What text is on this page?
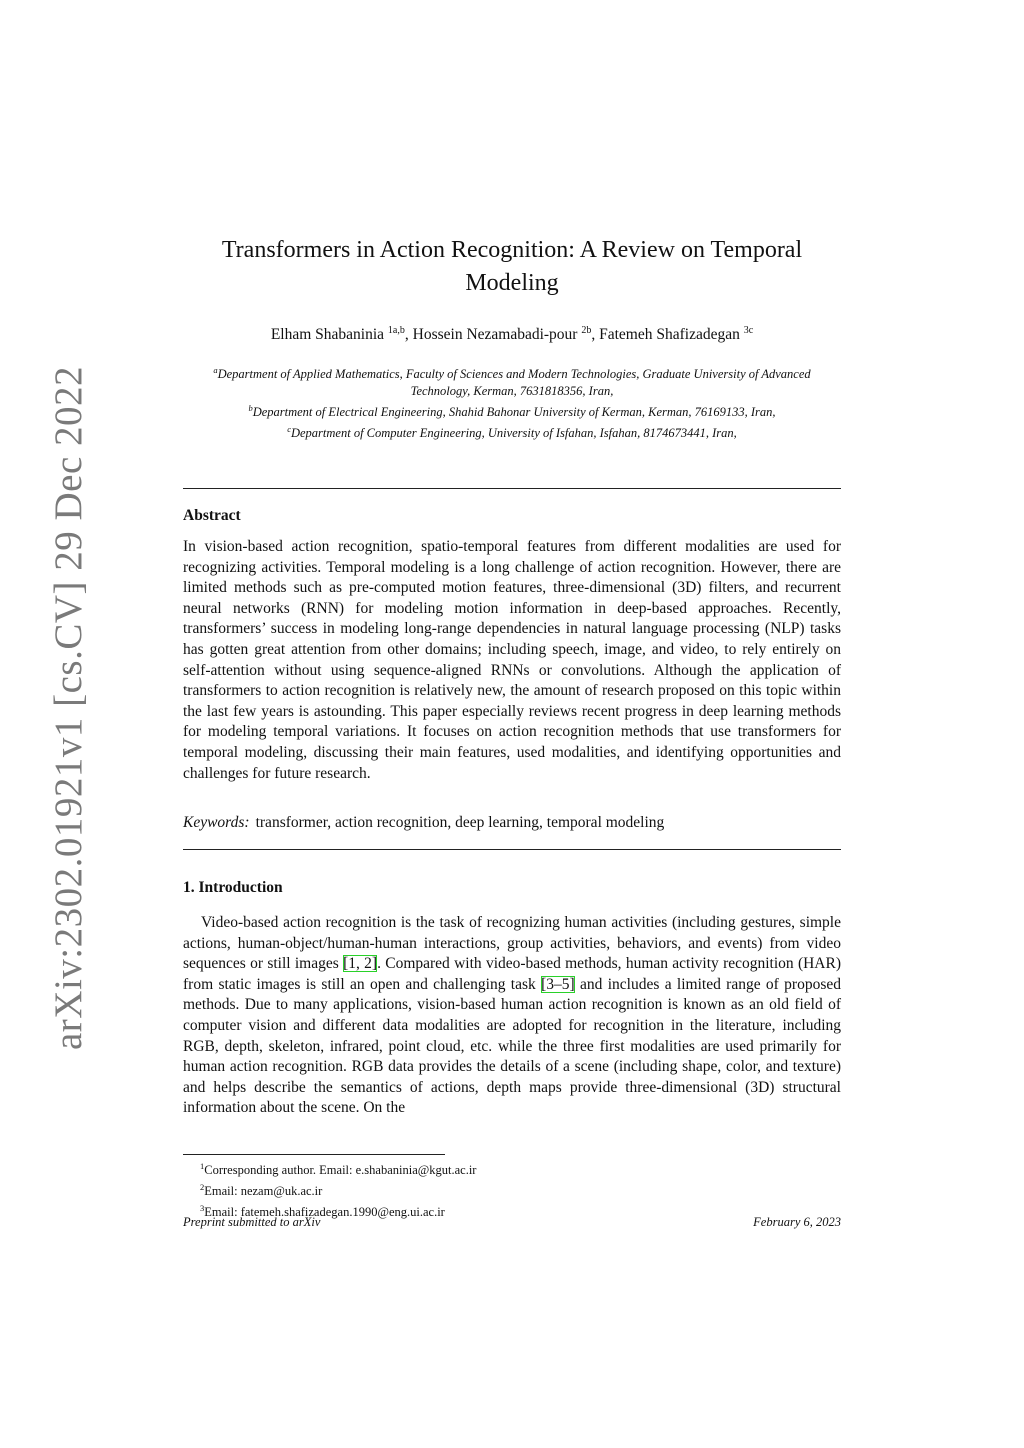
arXiv:2302.01921v1 [cs.CV] 29 Dec 2022
Transformers in Action Recognition: A Review on Temporal Modeling
Elham Shabaninia $^{1a,b}$, Hossein Nezamabadi-pour $^{2b}$, Fatemeh Shafizadegan $^{3c}$
$^a$Department of Applied Mathematics, Faculty of Sciences and Modern Technologies, Graduate University of Advanced Technology, Kerman, 7631818356, Iran,
$^b$Department of Electrical Engineering, Shahid Bahonar University of Kerman, Kerman, 76169133, Iran,
$^c$Department of Computer Engineering, University of Isfahan, Isfahan, 8174673441, Iran,
Abstract
In vision-based action recognition, spatio-temporal features from different modalities are used for recognizing activities. Temporal modeling is a long challenge of action recognition. However, there are limited methods such as pre-computed motion features, three-dimensional (3D) filters, and recurrent neural networks (RNN) for modeling motion information in deep-based approaches. Recently, transformers’ success in modeling long-range dependencies in natural language processing (NLP) tasks has gotten great attention from other domains; including speech, image, and video, to rely entirely on self-attention without using sequence-aligned RNNs or convolutions. Although the application of transformers to action recognition is relatively new, the amount of research proposed on this topic within the last few years is astounding. This paper especially reviews recent progress in deep learning methods for modeling temporal variations. It focuses on action recognition methods that use transformers for temporal modeling, discussing their main features, used modalities, and identifying opportunities and challenges for future research.
Keywords: transformer, action recognition, deep learning, temporal modeling
1. Introduction
Video-based action recognition is the task of recognizing human activities (including gestures, simple actions, human-object/human-human interactions, group activities, behaviors, and events) from video sequences or still images [1, 2]. Compared with video-based methods, human activity recognition (HAR) from static images is still an open and challenging task [3–5] and includes a limited range of proposed methods. Due to many applications, vision-based human action recognition is known as an old field of computer vision and different data modalities are adopted for recognition in the literature, including RGB, depth, skeleton, infrared, point cloud, etc. while the three first modalities are used primarily for human action recognition. RGB data provides the details of a scene (including shape, color, and texture) and helps describe the semantics of actions, depth maps provide three-dimensional (3D) structural information about the scene. On the
$^1$Corresponding author. Email: e.shabaninia@kgut.ac.ir
$^2$Email: nezam@uk.ac.ir
$^3$Email: fatemeh.shafizadegan.1990@eng.ui.ac.ir
Preprint submitted to arXiv	February 6, 2023
